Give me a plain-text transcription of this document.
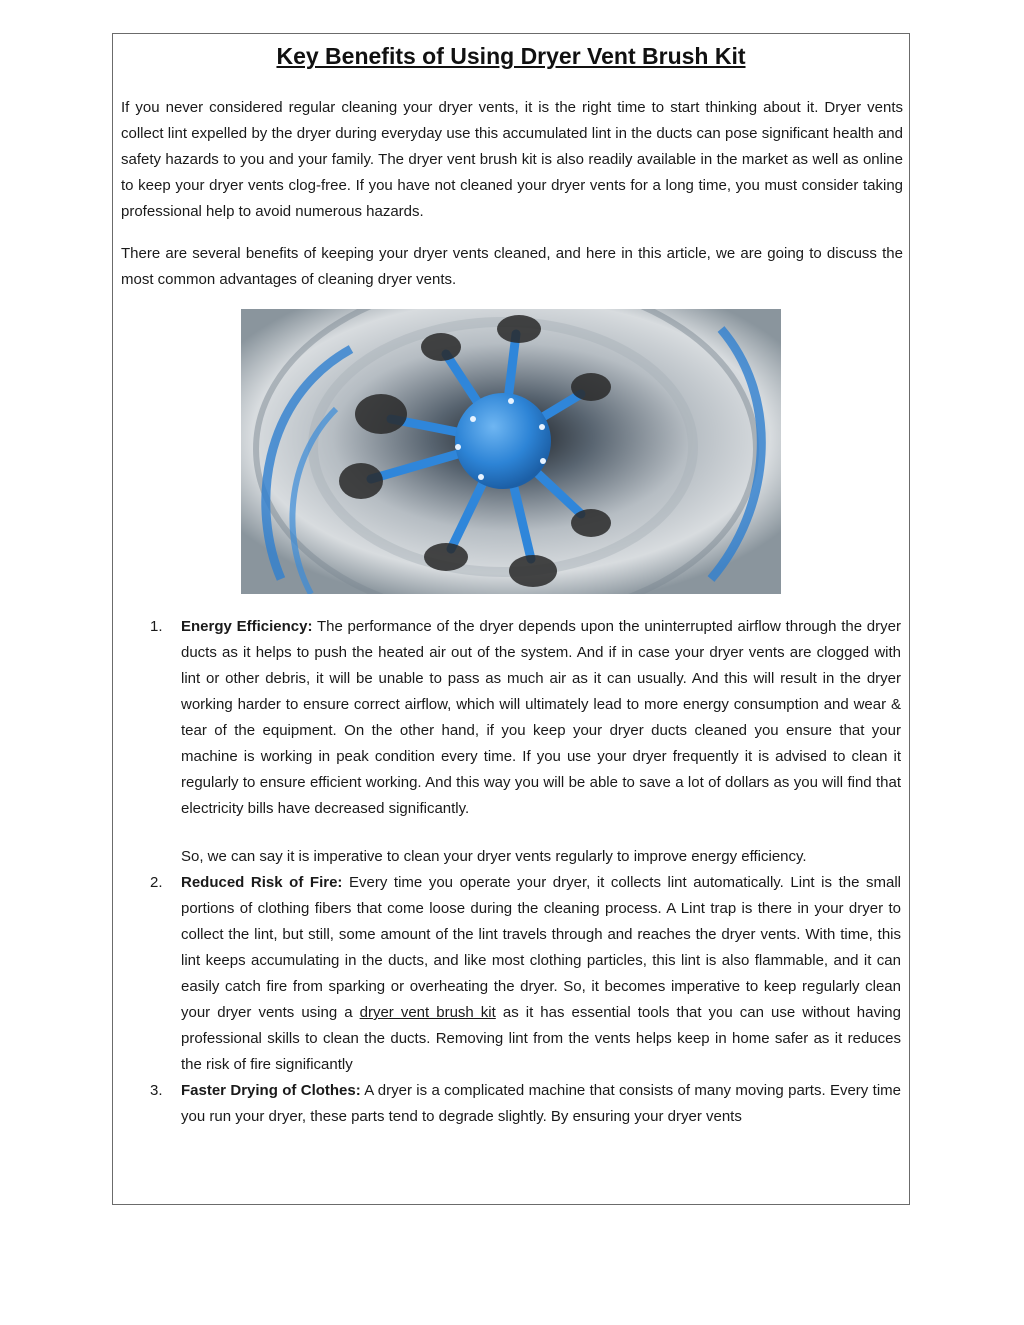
Key Benefits of Using Dryer Vent Brush Kit

If you never considered regular cleaning your dryer vents, it is the right time to start thinking about it. Dryer vents collect lint expelled by the dryer during everyday use this accumulated lint in the ducts can pose significant health and safety hazards to you and your family. The dryer vent brush kit is also readily available in the market as well as online to keep your dryer vents clog-free. If you have not cleaned your dryer vents for a long time, you must consider taking professional help to avoid numerous hazards.

There are several benefits of keeping your dryer vents cleaned, and here in this article, we are going to discuss the most common advantages of cleaning dryer vents.

1. Energy Efficiency: The performance of the dryer depends upon the uninterrupted airflow through the dryer ducts as it helps to push the heated air out of the system. And if in case your dryer vents are clogged with lint or other debris, it will be unable to pass as much air as it can usually. And this will result in the dryer working harder to ensure correct airflow, which will ultimately lead to more energy consumption and wear & tear of the equipment. On the other hand, if you keep your dryer ducts cleaned you ensure that your machine is working in peak condition every time. If you use your dryer frequently it is advised to clean it regularly to ensure efficient working. And this way you will be able to save a lot of dollars as you will find that electricity bills have decreased significantly.
So, we can say it is imperative to clean your dryer vents regularly to improve energy efficiency.
2. Reduced Risk of Fire: Every time you operate your dryer, it collects lint automatically. Lint is the small portions of clothing fibers that come loose during the cleaning process. A Lint trap is there in your dryer to collect the lint, but still, some amount of the lint travels through and reaches the dryer vents. With time, this lint keeps accumulating in the ducts, and like most clothing particles, this lint is also flammable, and it can easily catch fire from sparking or overheating the dryer. So, it becomes imperative to keep regularly clean your dryer vents using a dryer vent brush kit as it has essential tools that you can use without having professional skills to clean the ducts. Removing lint from the vents helps keep in home safer as it reduces the risk of fire significantly
3. Faster Drying of Clothes: A dryer is a complicated machine that consists of many moving parts. Every time you run your dryer, these parts tend to degrade slightly. By ensuring your dryer vents
